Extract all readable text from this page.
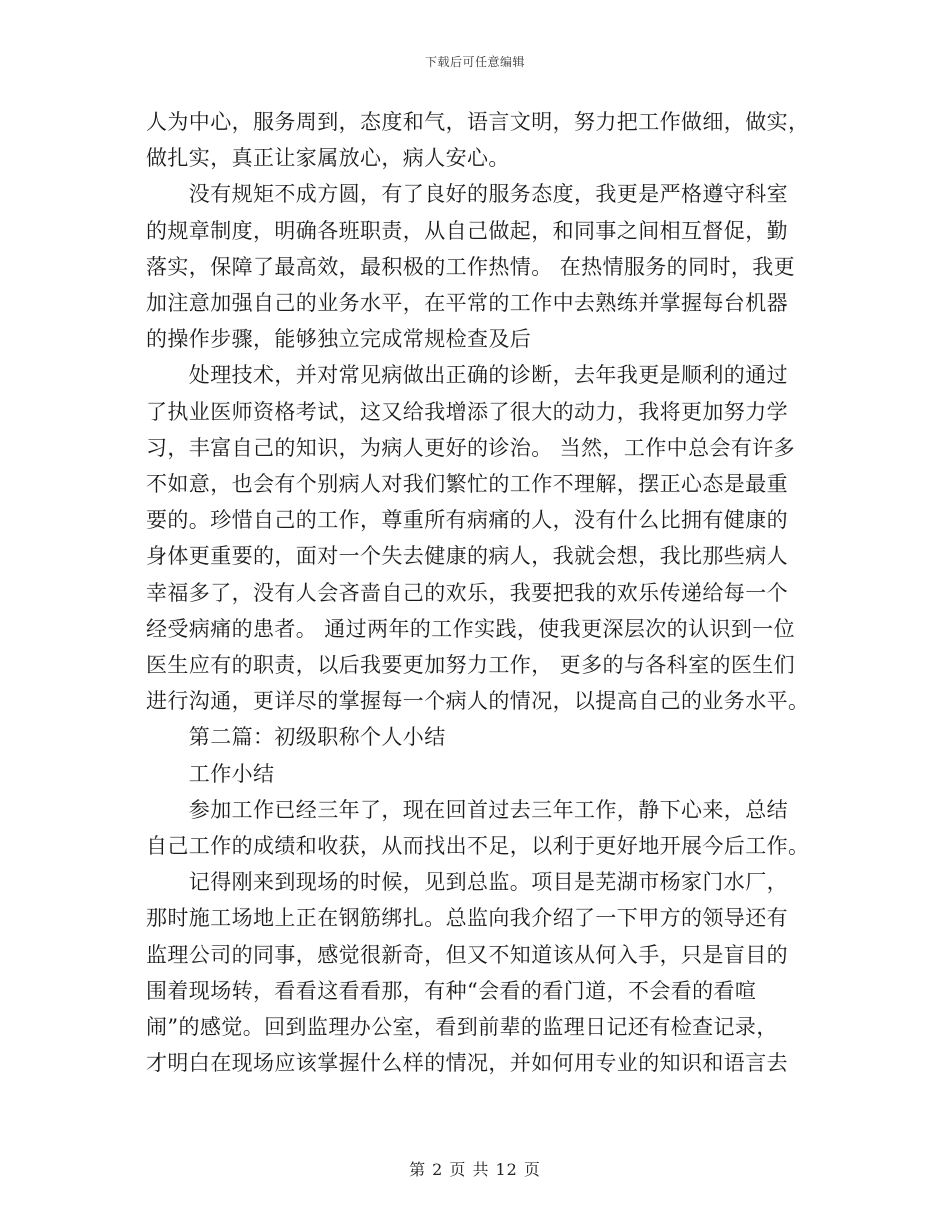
下载后可任意编辑
人为中心，服务周到，态度和气，语言文明，努力把工作做细，做实，
做扎实，真正让家属放心，病人安心。
　　没有规矩不成方圆，有了良好的服务态度，我更是严格遵守科室
的规章制度，明确各班职责，从自己做起，和同事之间相互督促，勤
落实，保障了最高效，最积极的工作热情。 在热情服务的同时，我更
加注意加强自己的业务水平，在平常的工作中去熟练并掌握每台机器
的操作步骤，能够独立完成常规检查及后
　　处理技术，并对常见病做出正确的诊断，去年我更是顺利的通过
了执业医师资格考试，这又给我增添了很大的动力，我将更加努力学
习，丰富自己的知识，为病人更好的诊治。 当然，工作中总会有许多
不如意，也会有个别病人对我们繁忙的工作不理解，摆正心态是最重
要的。珍惜自己的工作，尊重所有病痛的人，没有什么比拥有健康的
身体更重要的，面对一个失去健康的病人，我就会想，我比那些病人
幸福多了，没有人会吝啬自己的欢乐，我要把我的欢乐传递给每一个
经受病痛的患者。 通过两年的工作实践，使我更深层次的认识到一位
医生应有的职责，以后我要更加努力工作， 更多的与各科室的医生们
进行沟通，更详尽的掌握每一个病人的情况，以提高自己的业务水平。
　　第二篇：初级职称个人小结
　　工作小结
　　参加工作已经三年了，现在回首过去三年工作，静下心来，总结
自己工作的成绩和收获，从而找出不足，以利于更好地开展今后工作。
　　记得刚来到现场的时候，见到总监。项目是芜湖市杨家门水厂，
那时施工场地上正在钢筋绑扎。总监向我介绍了一下甲方的领导还有
监理公司的同事，感觉很新奇，但又不知道该从何入手，只是盲目的
围着现场转，看看这看看那，有种“会看的看门道，不会看的看喧
闹”的感觉。回到监理办公室，看到前辈的监理日记还有检查记录，
才明白在现场应该掌握什么样的情况，并如何用专业的知识和语言去
第 2 页 共 12 页
